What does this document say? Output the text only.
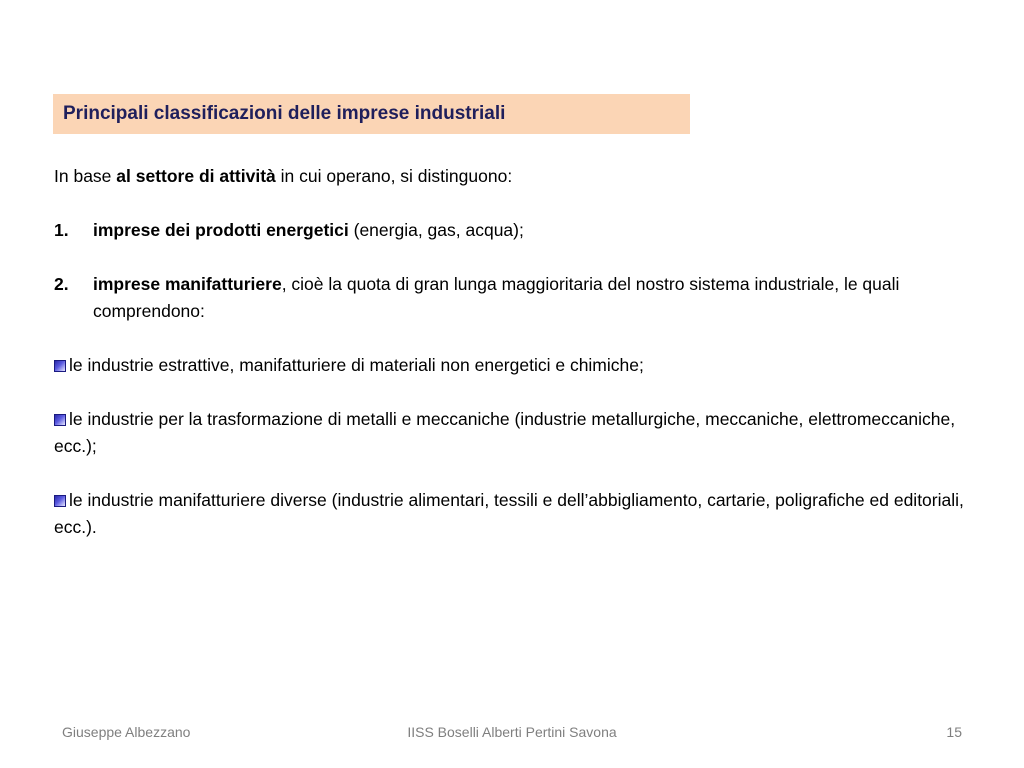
Principali classificazioni delle imprese industriali

In base al settore di attività in cui operano, si distinguono:

1.	imprese dei prodotti energetici (energia, gas, acqua);
2.	imprese manifatturiere, cioè la quota di gran lunga maggioritaria del nostro sistema industriale, le quali comprendono:

le industrie estrattive, manifatturiere di materiali non energetici e chimiche;

le industrie per la trasformazione di metalli e meccaniche (industrie metallurgiche, meccaniche, elettromeccaniche, ecc.);

le industrie manifatturiere diverse (industrie alimentari, tessili e dell’abbigliamento, cartarie, poligrafiche ed editoriali, ecc.).

Giuseppe Albezzano	IISS Boselli Alberti Pertini Savona	15
